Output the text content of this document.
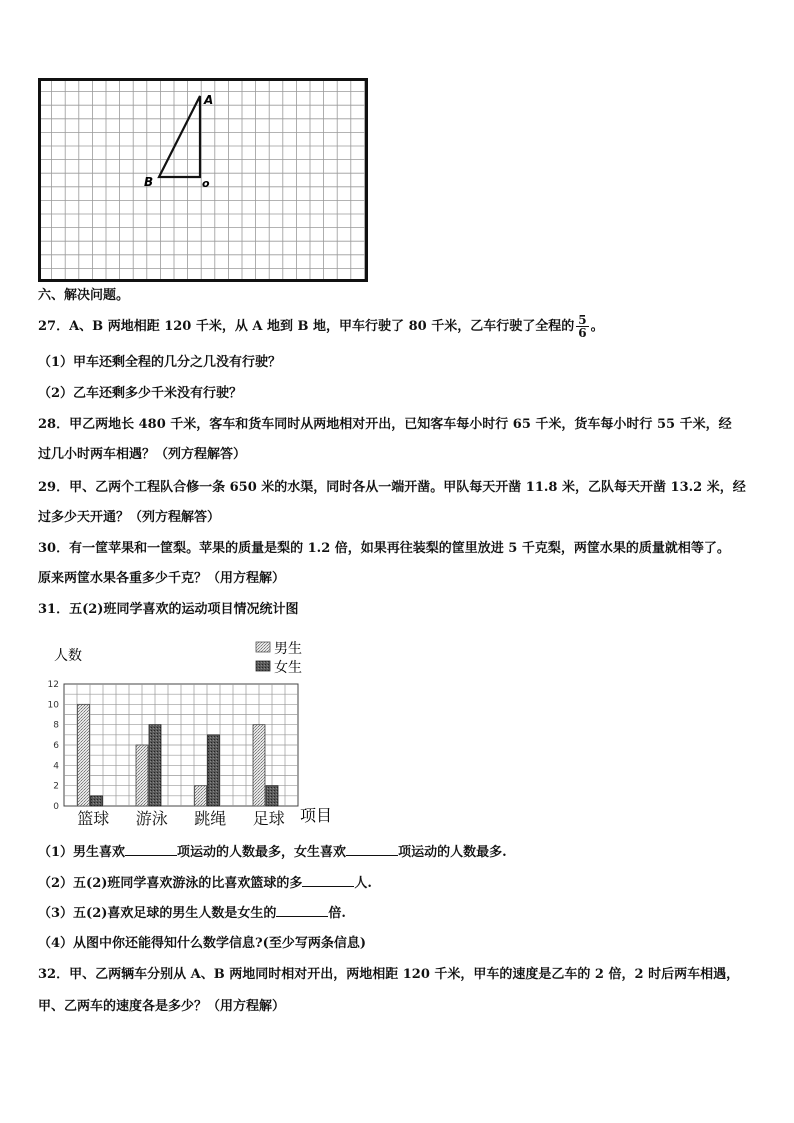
A
B	o
六、解决问题。
27．A、B 两地相距 120 千米，从 A 地到 B 地，甲车行驶了 80 千米，乙车行驶了全程的 $\frac{5}{6}$ 。
（1）甲车还剩全程的几分之几没有行驶？
（2）乙车还剩多少千米没有行驶？
28．甲乙两地长 480 千米，客车和货车同时从两地相对开出，已知客车每小时行 65 千米，货车每小时行 55 千米，经
过几小时两车相遇？（列方程解答）
29．甲、乙两个工程队合修一条 650 米的水渠，同时各从一端开凿。甲队每天开凿 11.8 米，乙队每天开凿 13.2 米，经
过多少天开通？（列方程解答）
30．有一筐苹果和一筐梨。苹果的质量是梨的 1.2 倍，如果再往装梨的筐里放进 5 千克梨，两筐水果的质量就相等了。
原来两筐水果各重多少千克？（用方程解）
31．五(2)班同学喜欢的运动项目情况统计图
人数	男生
女生
0
2
4
6
8
10
12
篮球 游泳 跳绳 足球 项目
（1）男生喜欢	项运动的人数最多，女生喜欢	项运动的人数最多.
（2）五(2)班同学喜欢游泳的比喜欢篮球的多	人.
（3）五(2)喜欢足球的男生人数是女生的	倍.
（4）从图中你还能得知什么数学信息?(至少写两条信息)
32．甲、乙两辆车分别从 A、B 两地同时相对开出，两地相距 120 千米，甲车的速度是乙车的 2 倍，2 时后两车相遇，
甲、乙两车的速度各是多少？（用方程解）
